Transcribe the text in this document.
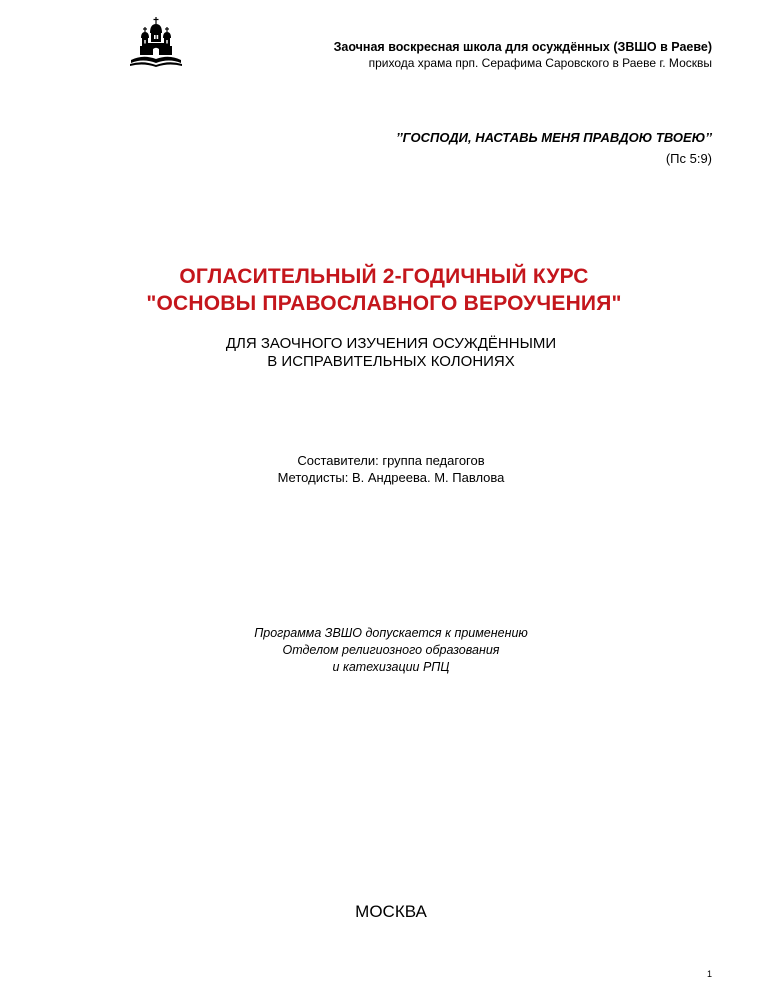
Заочная воскресная школа для осуждённых (ЗВШО в Раеве)
прихода храма прп. Серафима Саровского в Раеве г. Москвы
’’ГОСПОДИ, НАСТАВЬ МЕНЯ ПРАВДОЮ ТВОЕЮ’’
(Пс 5:9)
ОГЛАСИТЕЛЬНЫЙ 2-ГОДИЧНЫЙ КУРС
"ОСНОВЫ ПРАВОСЛАВНОГО ВЕРОУЧЕНИЯ"
ДЛЯ ЗАОЧНОГО ИЗУЧЕНИЯ ОСУЖДЁННЫМИ
В ИСПРАВИТЕЛЬНЫХ КОЛОНИЯХ
Составители: группа педагогов
Методисты: В. Андреева. М. Павлова
Программа ЗВШО допускается к применению
Отделом религиозного образования
и катехизации РПЦ
МОСКВА
1
